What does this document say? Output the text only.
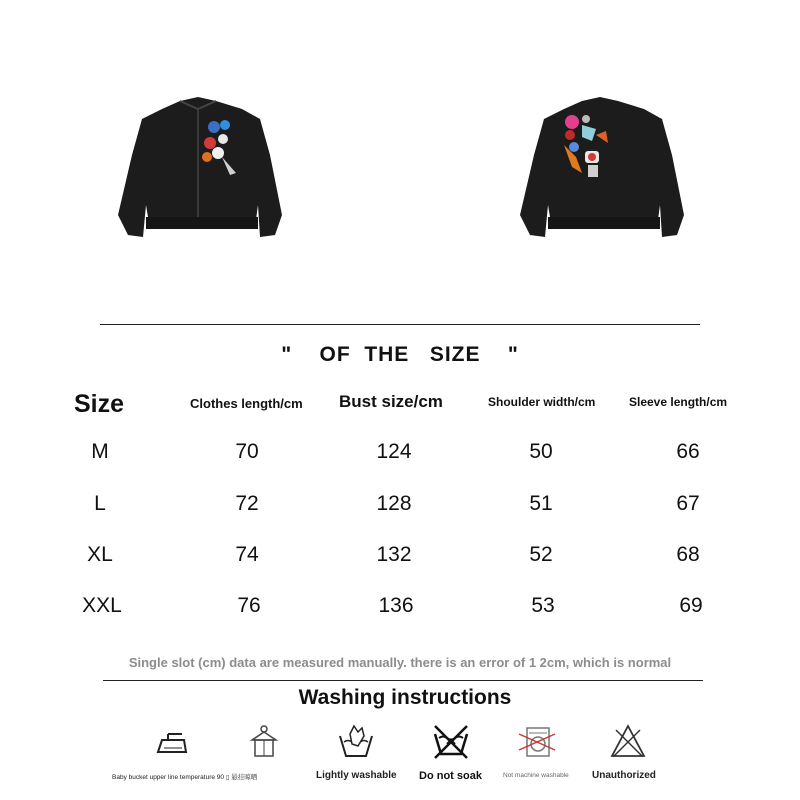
"    OF  THE   SIZE    "
Size	Clothes length/cm Bust size/cm	Shoulder width/cm	Sleeve length/cm
M	70	124	50	66
L	72	128	51	67
XL	74	132	52	68
XXL	76	136	53	69
Single slot (cm) data are measured manually. there is an error of 1 2cm, which is normal
Washing instructions
Baby bucket upper line temperature 90 ▯ 悬挂晾晒	Lightly washable Do not soak	Not machine washable Unauthorized
